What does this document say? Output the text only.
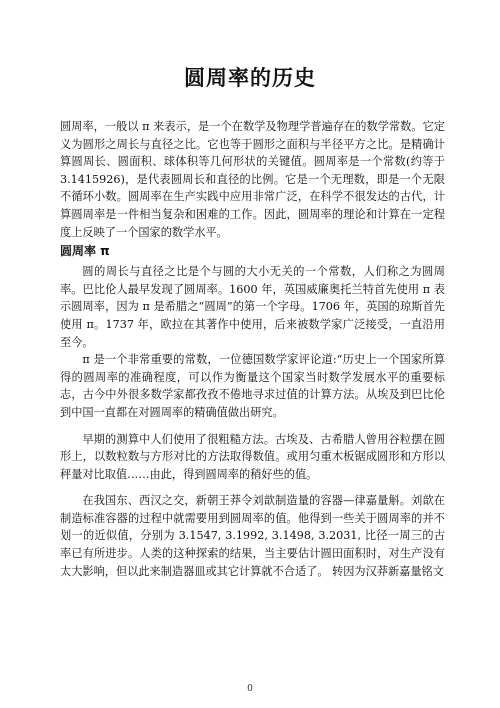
圆周率的历史

圆周率，一般以 π 来表示，是一个在数学及物理学普遍存在的数学常数。它定义为圆形之周长与直径之比。它也等于圆形之面积与半径平方之比。是精确计算圆周长、圆面积、球体积等几何形状的关键值。圆周率是一个常数(约等于 3.1415926)，是代表圆周长和直径的比例。它是一个无理数，即是一个无限不循环小数。圆周率在生产实践中应用非常广泛，在科学不很发达的古代，计算圆周率是一件相当复杂和困难的工作。因此，圆周率的理论和计算在一定程度上反映了一个国家的数学水平。

圆周率 π

圆的周长与直径之比是个与圆的大小无关的一个常数，人们称之为圆周率。巴比伦人最早发现了圆周率。1600 年，英国威廉奥托兰特首先使用 π 表示圆周率，因为 π 是希腊之“圆周”的第一个字母。1706 年，英国的琼斯首先使用 π。1737 年，欧拉在其著作中使用，后来被数学家广泛接受，一直沿用至今。

π 是一个非常重要的常数，一位德国数学家评论道:“历史上一个国家所算得的圆周率的准确程度，可以作为衡量这个国家当时数学发展水平的重要标志，古今中外很多数学家都孜孜不倦地寻求过值的计算方法。从埃及到巴比伦到中国一直都在对圆周率的精确值做出研究。

早期的测算中人们使用了很粗糙方法。古埃及、古希腊人曾用谷粒摆在圆形上，以数粒数与方形对比的方法取得数值。或用匀重木板锯成圆形和方形以秤量对比取值……由此，得到圆周率的稍好些的值。

在我国东、西汉之交，新朝王莽令刘歆制造量的容器—律嘉量斛。刘歆在制造标准容器的过程中就需要用到圆周率的值。他得到一些关于圆周率的并不划一的近似值，分别为 3.1547, 3.1992, 3.1498, 3.2031, 比径一周三的古率已有所进步。人类的这种探索的结果，当主要估计圆田面积时，对生产没有太大影响，但以此来制造器皿或其它计算就不合适了。 转因为汉莽新嘉量铭文

0
